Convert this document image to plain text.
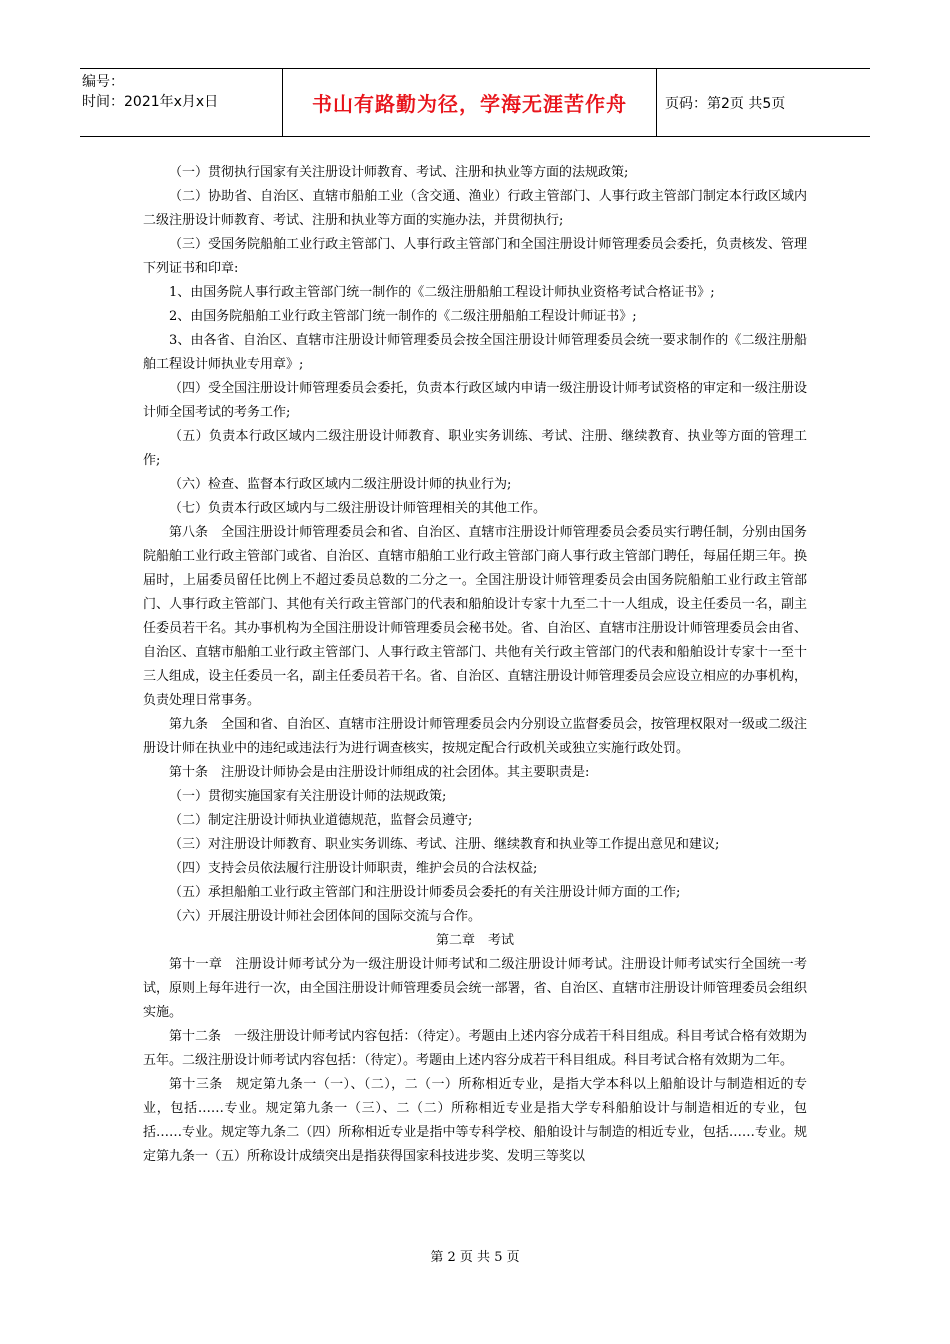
编号：
时间：2021年x月x日	书山有路勤为径，学海无涯苦作舟	页码：第2页 共5页

（一）贯彻执行国家有关注册设计师教育、考试、注册和执业等方面的法规政策;

（二）协助省、自治区、直辖市船舶工业（含交通、渔业）行政主管部门、人事行政主管部门制定本行政区域内二级注册设计师教育、考试、注册和执业等方面的实施办法，并贯彻执行;

（三）受国务院船舶工业行政主管部门、人事行政主管部门和全国注册设计师管理委员会委托，负责核发、管理下列证书和印章:

1、由国务院人事行政主管部门统一制作的《二级注册船舶工程设计师执业资格考试合格证书》;

2、由国务院船舶工业行政主管部门统一制作的《二级注册船舶工程设计师证书》;

3、由各省、自治区、直辖市注册设计师管理委员会按全国注册设计师管理委员会统一要求制作的《二级注册船舶工程设计师执业专用章》;

（四）受全国注册设计师管理委员会委托，负责本行政区域内申请一级注册设计师考试资格的审定和一级注册设计师全国考试的考务工作;

（五）负责本行政区域内二级注册设计师教育、职业实务训练、考试、注册、继续教育、执业等方面的管理工作;

（六）检查、监督本行政区域内二级注册设计师的执业行为;

（七）负责本行政区域内与二级注册设计师管理相关的其他工作。

第八条　全国注册设计师管理委员会和省、自治区、直辖市注册设计师管理委员会委员实行聘任制，分别由国务院船舶工业行政主管部门或省、自治区、直辖市船舶工业行政主管部门商人事行政主管部门聘任，每届任期三年。换届时，上届委员留任比例上不超过委员总数的二分之一。全国注册设计师管理委员会由国务院船舶工业行政主管部门、人事行政主管部门、其他有关行政主管部门的代表和船舶设计专家十九至二十一人组成，设主任委员一名，副主任委员若干名。其办事机构为全国注册设计师管理委员会秘书处。省、自治区、直辖市注册设计师管理委员会由省、自治区、直辖市船舶工业行政主管部门、人事行政主管部门、共他有关行政主管部门的代表和船舶设计专家十一至十三人组成，设主任委员一名，副主任委员若干名。省、自治区、直辖注册设计师管理委员会应设立相应的办事机构，负责处理日常事务。

第九条　全国和省、自治区、直辖市注册设计师管理委员会内分别设立监督委员会，按管理权限对一级或二级注册设计师在执业中的违纪或违法行为进行调查核实，按规定配合行政机关或独立实施行政处罚。

第十条　注册设计师协会是由注册设计师组成的社会团体。其主要职责是:

（一）贯彻实施国家有关注册设计师的法规政策;

（二）制定注册设计师执业道德规范，监督会员遵守;

（三）对注册设计师教育、职业实务训练、考试、注册、继续教育和执业等工作提出意见和建议;

（四）支持会员依法履行注册设计师职责，维护会员的合法权益;

（五）承担船舶工业行政主管部门和注册设计师委员会委托的有关注册设计师方面的工作;

（六）开展注册设计师社会团体间的国际交流与合作。

第二章　考试

第十一章　注册设计师考试分为一级注册设计师考试和二级注册设计师考试。注册设计师考试实行全国统一考试，原则上每年进行一次，由全国注册设计师管理委员会统一部署，省、自治区、直辖市注册设计师管理委员会组织实施。

第十二条　一级注册设计师考试内容包括：（待定）。考题由上述内容分成若干科目组成。科目考试合格有效期为五年。二级注册设计师考试内容包括：（待定）。考题由上述内容分成若干科目组成。科目考试合格有效期为二年。

第十三条　规定第九条一（一）、（二），二（一）所称相近专业，是指大学本科以上船舶设计与制造相近的专业，包括……专业。规定第九条一（三）、二（二）所称相近专业是指大学专科船舶设计与制造相近的专业，包括……专业。规定等九条二（四）所称相近专业是指中等专科学校、船舶设计与制造的相近专业，包括……专业。规定第九条一（五）所称设计成绩突出是指获得国家科技进步奖、发明三等奖以

第 2 页 共 5 页
